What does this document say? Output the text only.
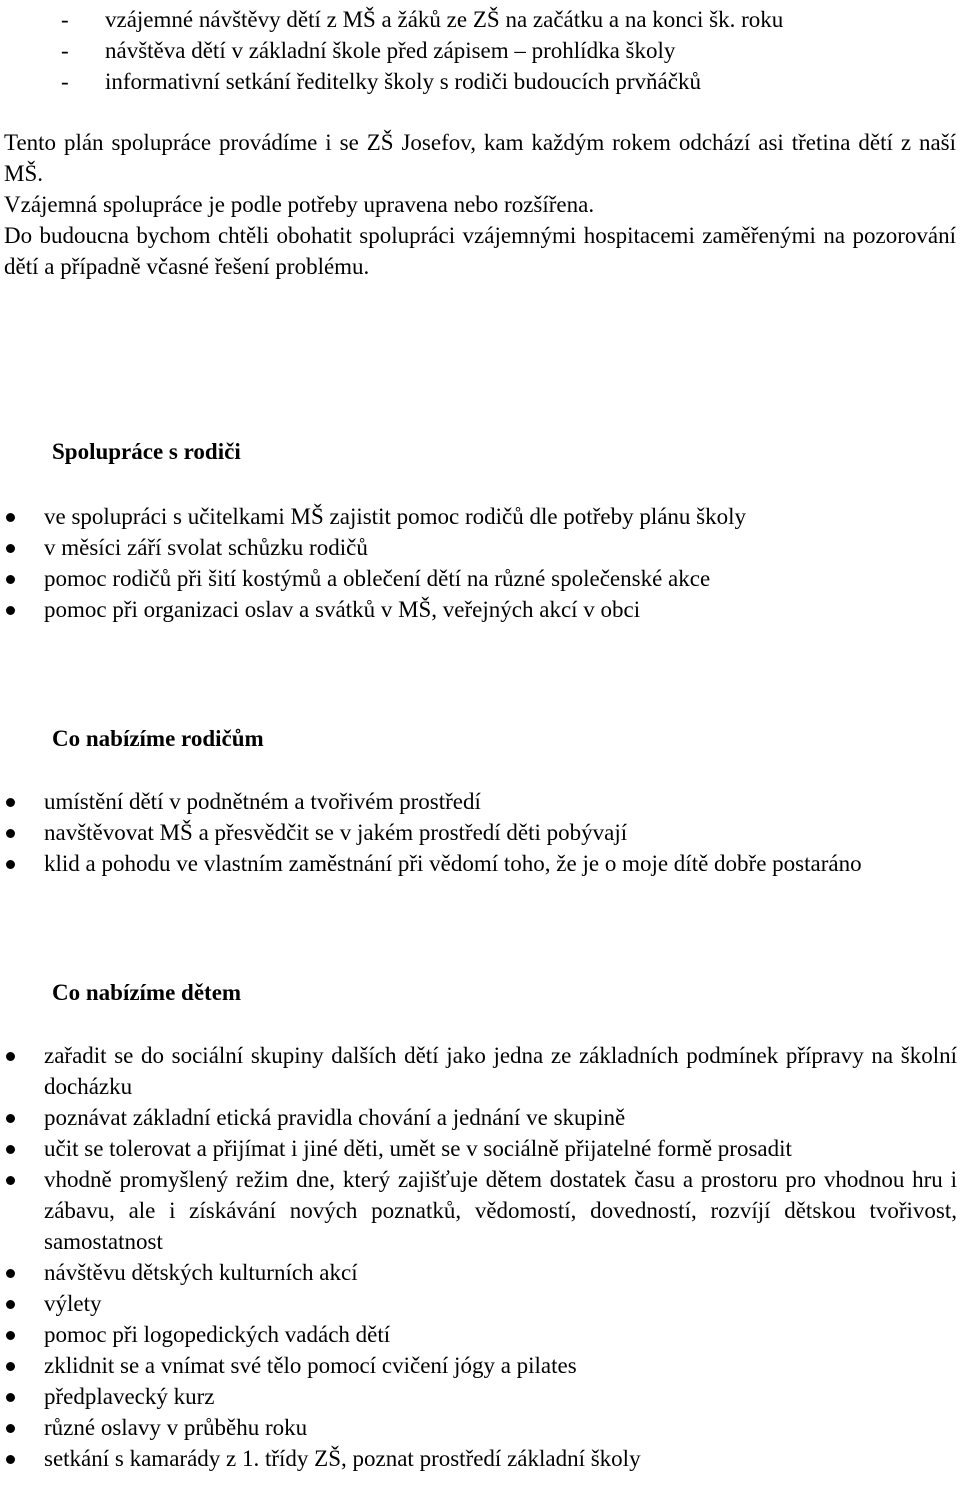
- vzájemné návštěvy dětí z MŠ a žáků ze ZŠ na začátku a na konci šk. roku
- návštěva dětí v základní škole před zápisem – prohlídka školy
- informativní setkání ředitelky školy s rodiči budoucích prvňáčků

Tento plán spolupráce provádíme i se ZŠ Josefov, kam každým rokem odchází asi třetina dětí z naší MŠ.

Vzájemná spolupráce je podle potřeby upravena nebo rozšířena.

Do budoucna bychom chtěli obohatit spolupráci vzájemnými hospitacemi zaměřenými na pozorování dětí a případně včasné řešení problému.

Spolupráce s rodiči
ve spolupráci s učitelkami MŠ zajistit pomoc rodičů dle potřeby plánu školy
v měsíci září svolat schůzku rodičů
pomoc rodičů při šití kostýmů a oblečení dětí na různé společenské akce
pomoc při organizaci oslav a svátků v MŠ, veřejných akcí v obci
Co nabízíme rodičům
umístění dětí v podnětném a tvořivém prostředí
navštěvovat MŠ a přesvědčit se v jakém prostředí děti pobývají
klid a pohodu ve vlastním zaměstnání při vědomí toho, že je o moje dítě dobře postaráno
Co nabízíme dětem
zařadit se do sociální skupiny dalších dětí jako jedna ze základních podmínek přípravy na školní docházku
poznávat základní etická pravidla chování a jednání ve skupině
učit se tolerovat a přijímat i jiné děti, umět se v sociálně přijatelné formě prosadit
vhodně promyšlený režim dne, který zajišťuje dětem dostatek času a prostoru pro vhodnou hru i zábavu, ale i získávání nových poznatků, vědomostí, dovedností, rozvíjí dětskou tvořivost, samostatnost
návštěvu dětských kulturních akcí
výlety
pomoc při logopedických vadách dětí
zklidnit se a vnímat své tělo pomocí cvičení jógy a pilates
předplavecký kurz
různé oslavy v průběhu roku
setkání s kamarády z 1. třídy ZŠ, poznat prostředí základní školy
